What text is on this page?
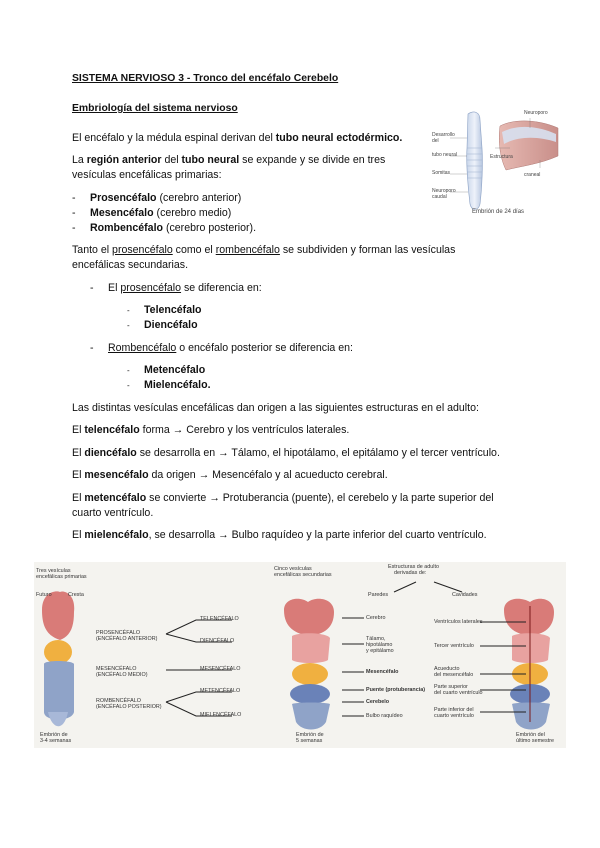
SISTEMA NERVIOSO 3 - Tronco del encéfalo Cerebelo
Embriología del sistema nervioso
El encéfalo y la médula espinal derivan del tubo neural ectodérmico.
La región anterior del tubo neural se expande y se divide en tres
vesículas encefálicas primarias:
-	Prosencéfalo (cerebro anterior)
-	Mesencéfalo (cerebro medio)
-	Rombencéfalo (cerebro posterior).
Tanto el prosencéfalo como el rombencéfalo se subdividen y forman las vesículas
encefálicas secundarias.
-	El prosencéfalo se diferencia en:
-	Telencéfalo
-	Diencéfalo
-	Rombencéfalo o encéfalo posterior se diferencia en:
-	Metencéfalo
-	Mielencéfalo.
Las distintas vesículas encefálicas dan origen a las siguientes estructuras en el adulto:
El telencéfalo forma → Cerebro y los ventrículos laterales.
El diencéfalo se desarrolla en → Tálamo, el hipotálamo, el epitálamo y el tercer ventrículo.
El mesencéfalo da origen → Mesencéfalo y al acueducto cerebral.
El metencéfalo se convierte → Protuberancia (puente), el cerebelo y la parte superior del
cuarto ventrículo.
El mielencéfalo, se desarrolla → Bulbo raquídeo y la parte inferior del cuarto ventrículo.
Desarrollo
del
tubo neural
Somitas
Neuroporo
caudal
Estructura
Neuroporo
craneal
Embrión de 24 días
Tres vesículas
encefálicas primarias
Futuro	Cresta
Cinco vesículas
encefálicas secundarias
Estructuras de adulto
derivadas de:
Paredes	Cavidades
PROSENCÉFALO
(ENCÉFALO ANTERIOR)
MESENCÉFALO
(ENCÉFALO MEDIO)
ROMBENCÉFALO
(ENCÉFALO POSTERIOR)
TELENCÉFALO
DIENCÉFALO
MESENCÉFALO
METENCÉFALO
MIELENCÉFALO
Cerebro
Tálamo,
hipotálamo
y epitálamo
Mesencéfalo
Puente (protuberancia)
Cerebelo
Bulbo raquídeo
Ventrículos laterales
Tercer ventrículo
Acueducto
del mesencéfalo
Parte superior
del cuarto ventrículo
Parte inferior del
cuarto ventrículo
Embrión de
3-4 semanas
Embrión de
5 semanas
Embrión del
último semestre
